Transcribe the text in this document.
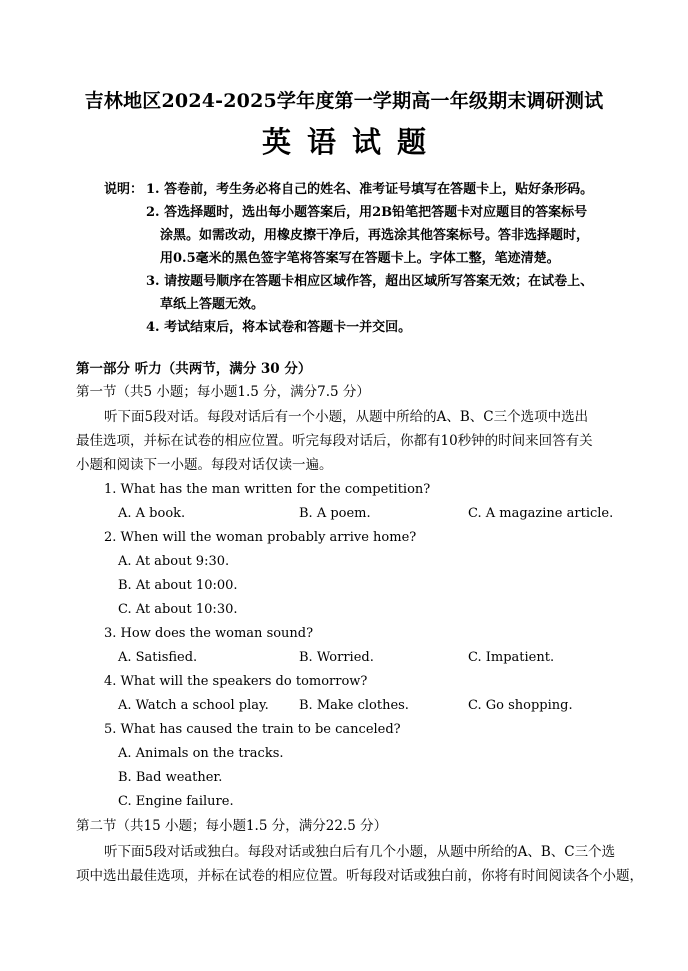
吉林地区2024-2025学年度第一学期高一年级期末调研测试
英语试题
说明： 1. 答卷前，考生务必将自己的姓名、准考证号填写在答题卡上，贴好条形码。
2. 答选择题时，选出每小题答案后，用2B铅笔把答题卡对应题目的答案标号
涂黑。如需改动，用橡皮擦干净后，再选涂其他答案标号。答非选择题时，
用0.5毫米的黑色签字笔将答案写在答题卡上。字体工整，笔迹清楚。
3. 请按题号顺序在答题卡相应区域作答，超出区域所写答案无效；在试卷上、
草纸上答题无效。
4. 考试结束后，将本试卷和答题卡一并交回。
第一部分 听力（共两节，满分 30 分）
第一节（共5 小题；每小题1.5 分，满分7.5 分）
听下面5段对话。每段对话后有一个小题，从题中所给的A、B、C三个选项中选出
最佳选项，并标在试卷的相应位置。听完每段对话后，你都有10秒钟的时间来回答有关
小题和阅读下一小题。每段对话仅读一遍。
1. What has the man written for the competition?
A. A book.	B. A poem.	C. A magazine article.
2. When will the woman probably arrive home?
A. At about 9:30.
B. At about 10:00.
C. At about 10:30.
3. How does the woman sound?
A. Satisfied.	B. Worried.	C. Impatient.
4. What will the speakers do tomorrow?
A. Watch a school play. B. Make clothes.	C. Go shopping.
5. What has caused the train to be canceled?
A. Animals on the tracks.
B. Bad weather.
C. Engine failure.
第二节（共15 小题；每小题1.5 分，满分22.5 分）
听下面5段对话或独白。每段对话或独白后有几个小题，从题中所给的A、B、C三个选
项中选出最佳选项，并标在试卷的相应位置。听每段对话或独白前，你将有时间阅读各个小题，
